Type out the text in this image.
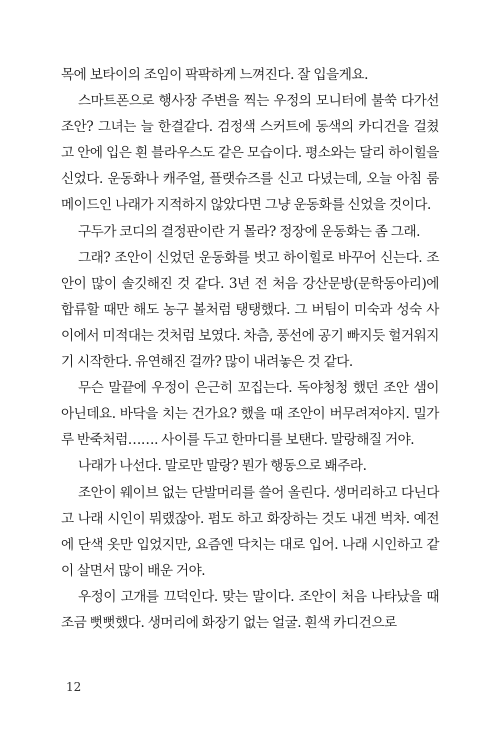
목에 보타이의 조임이 팍팍하게 느껴진다. 잘 입을게요.

스마트폰으로 행사장 주변을 찍는 우정의 모니터에 불쑥 다가선 조안? 그녀는 늘 한결같다. 검정색 스커트에 동색의 카디건을 걸쳤고 안에 입은 흰 블라우스도 같은 모습이다. 평소와는 달리 하이힐을 신었다. 운동화나 캐주얼, 플랫슈즈를 신고 다녔는데, 오늘 아침 룸 메이드인 나래가 지적하지 않았다면 그냥 운동화를 신었을 것이다.

구두가 코디의 결정판이란 거 몰라? 정장에 운동화는 좀 그래.

그래? 조안이 신었던 운동화를 벗고 하이힐로 바꾸어 신는다. 조안이 많이 솔깃해진 것 같다. 3년 전 처음 강산문방(문학동아리)에 합류할 때만 해도 농구 볼처럼 탱탱했다. 그 버팀이 미숙과 성숙 사이에서 미적대는 것처럼 보였다. 차츰, 풍선에 공기 빠지듯 헐거워지기 시작한다. 유연해진 걸까? 많이 내려놓은 것 같다.

무슨 말끝에 우정이 은근히 꼬집는다. 독야청청 했던 조안 샘이 아닌데요. 바닥을 치는 건가요? 했을 때 조안이 버무려져야지. 밀가루 반죽처럼……. 사이를 두고 한마디를 보탠다. 말랑해질 거야.

나래가 나선다. 말로만 말랑? 뭔가 행동으로 봬주라.

조안이 웨이브 없는 단발머리를 쓸어 올린다. 생머리하고 다닌다고 나래 시인이 뭐랬잖아. 펌도 하고 화장하는 것도 내겐 벅차. 예전에 단색 옷만 입었지만, 요즘엔 닥치는 대로 입어. 나래 시인하고 같이 살면서 많이 배운 거야.

우정이 고개를 끄덕인다. 맞는 말이다. 조안이 처음 나타났을 때 조금 뻣뻣했다. 생머리에 화장기 없는 얼굴. 흰색 카디건으로

12
